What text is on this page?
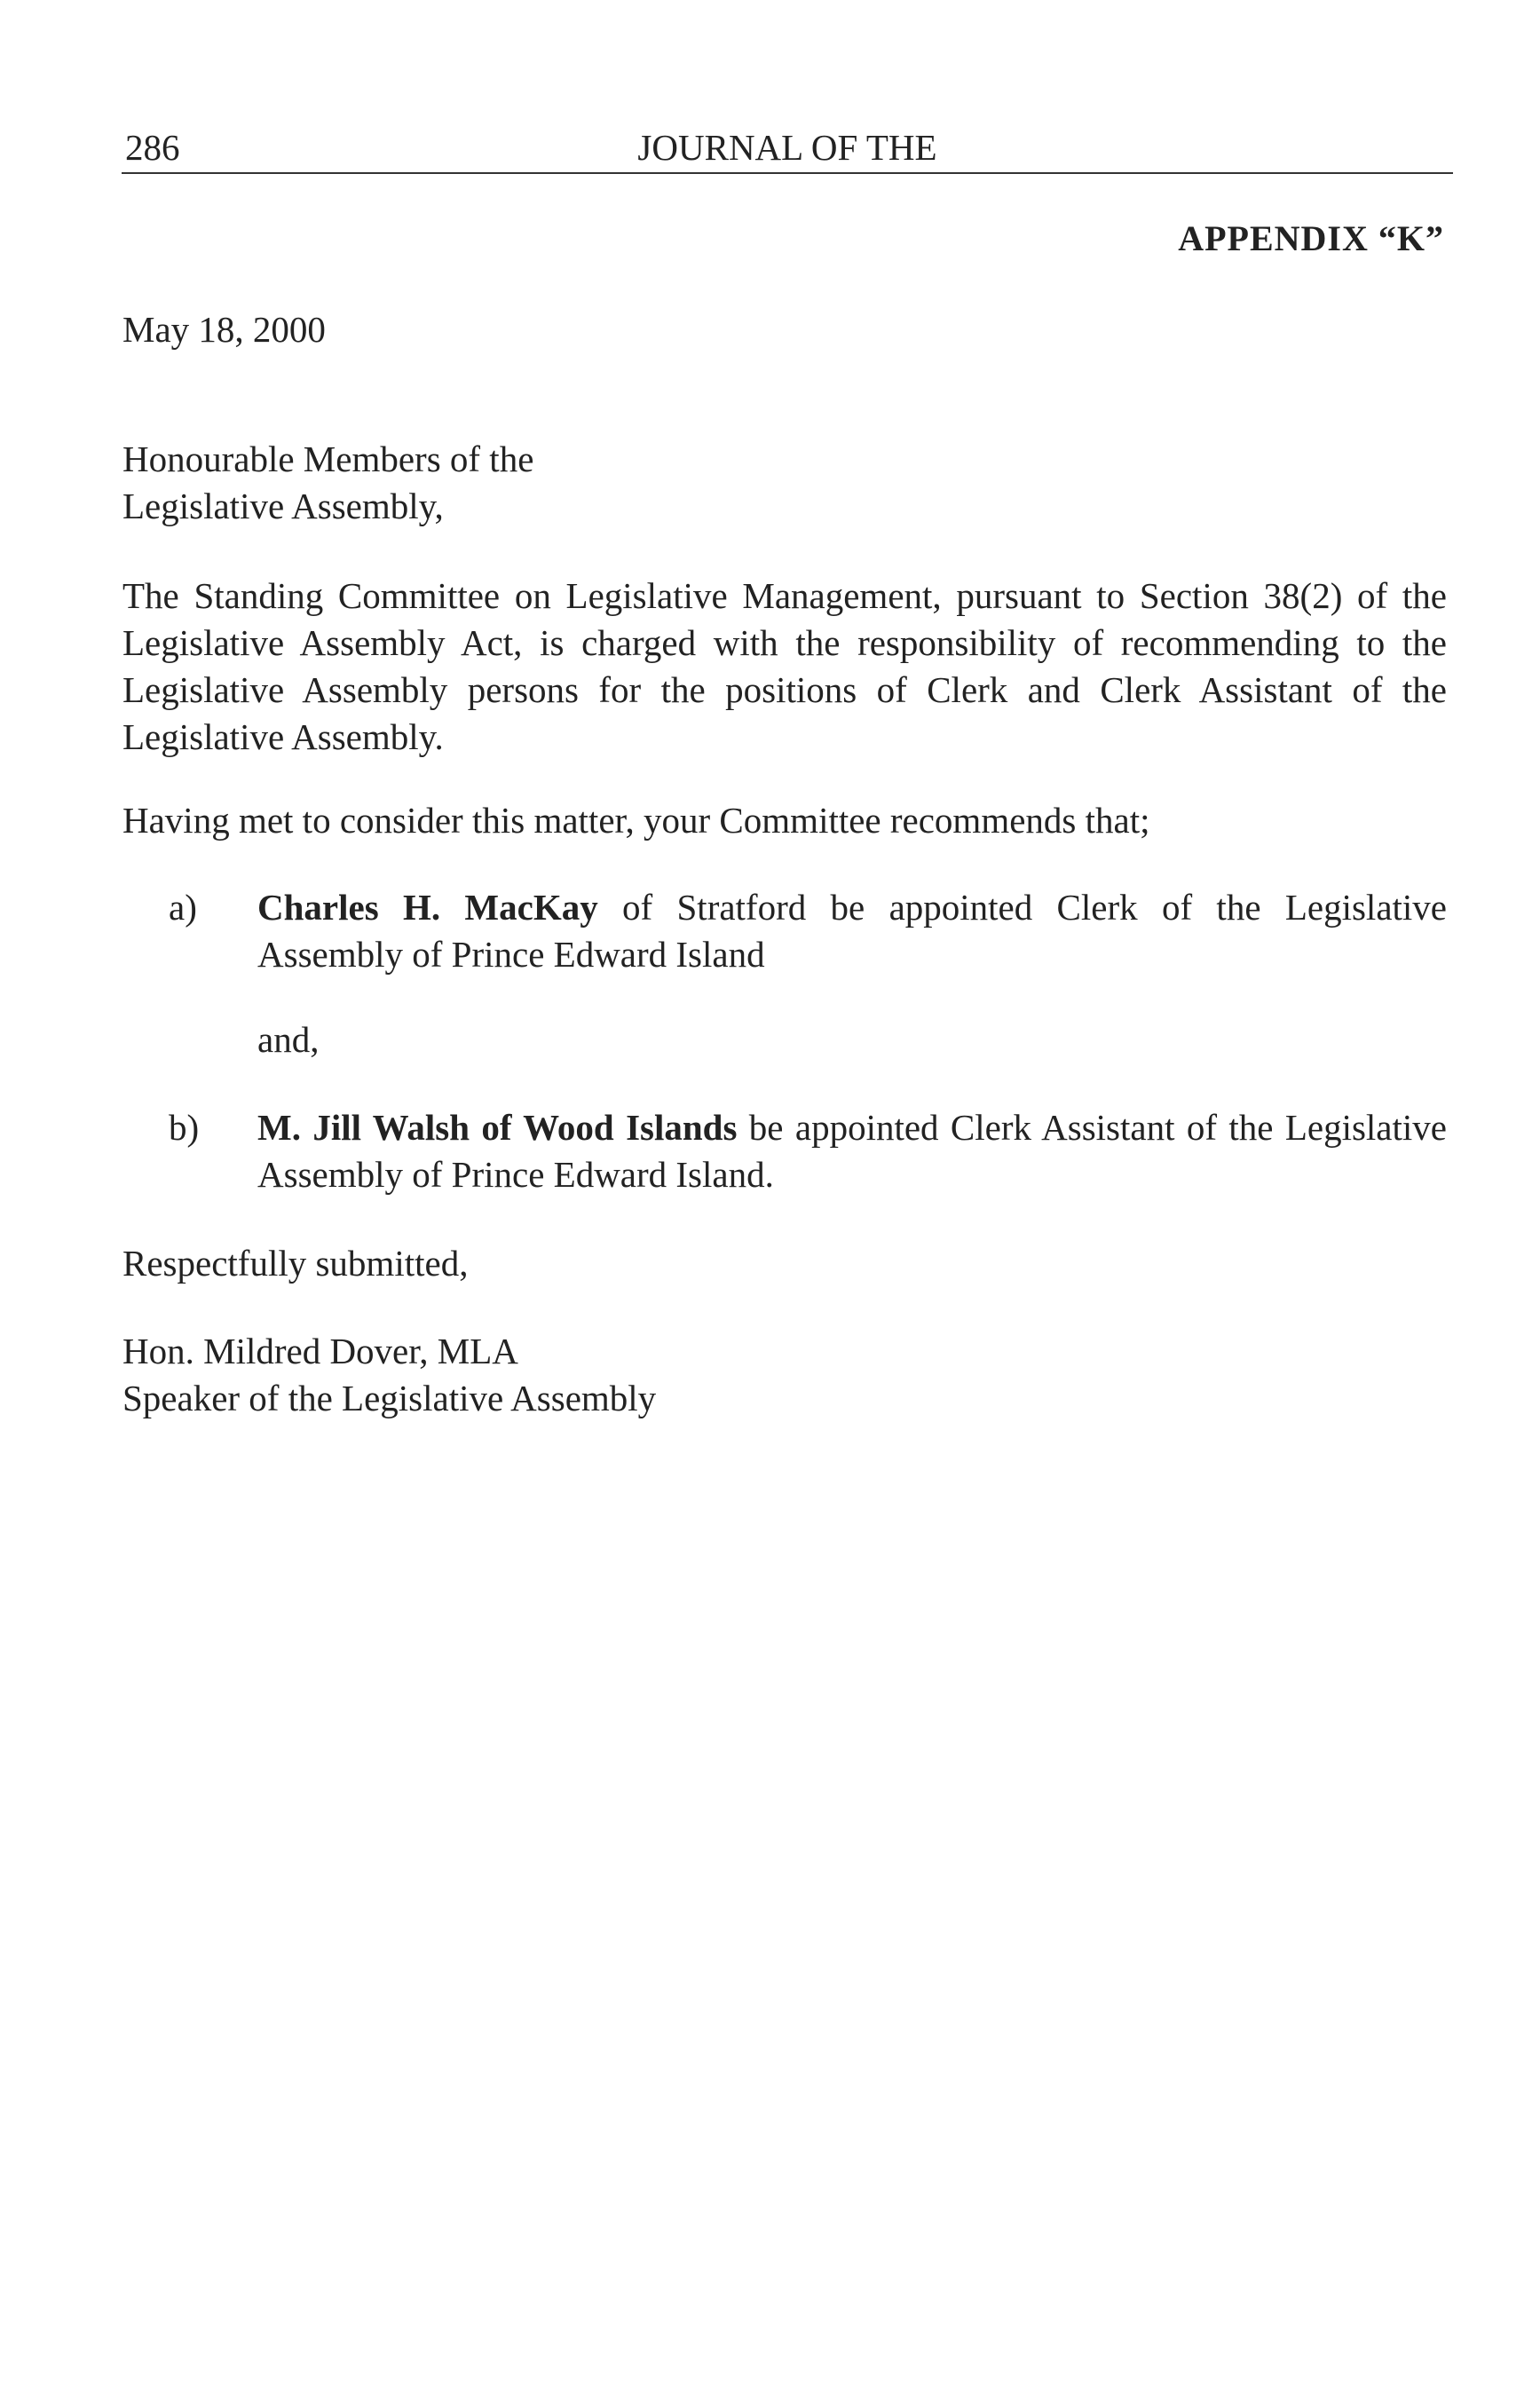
286	JOURNAL OF THE
APPENDIX “K”
May 18, 2000
Honourable Members of the
Legislative Assembly,
The Standing Committee on Legislative Management, pursuant to Section 38(2) of the Legislative Assembly Act, is charged with the responsibility of recommending to the Legislative Assembly persons for the positions of Clerk and Clerk Assistant of the Legislative Assembly.
Having met to consider this matter, your Committee recommends that;
a) Charles H. MacKay of Stratford be appointed Clerk of the Legislative Assembly of Prince Edward Island
and,
b) M. Jill Walsh of Wood Islands be appointed Clerk Assistant of the Legislative Assembly of Prince Edward Island.
Respectfully submitted,
Hon. Mildred Dover, MLA
Speaker of the Legislative Assembly
